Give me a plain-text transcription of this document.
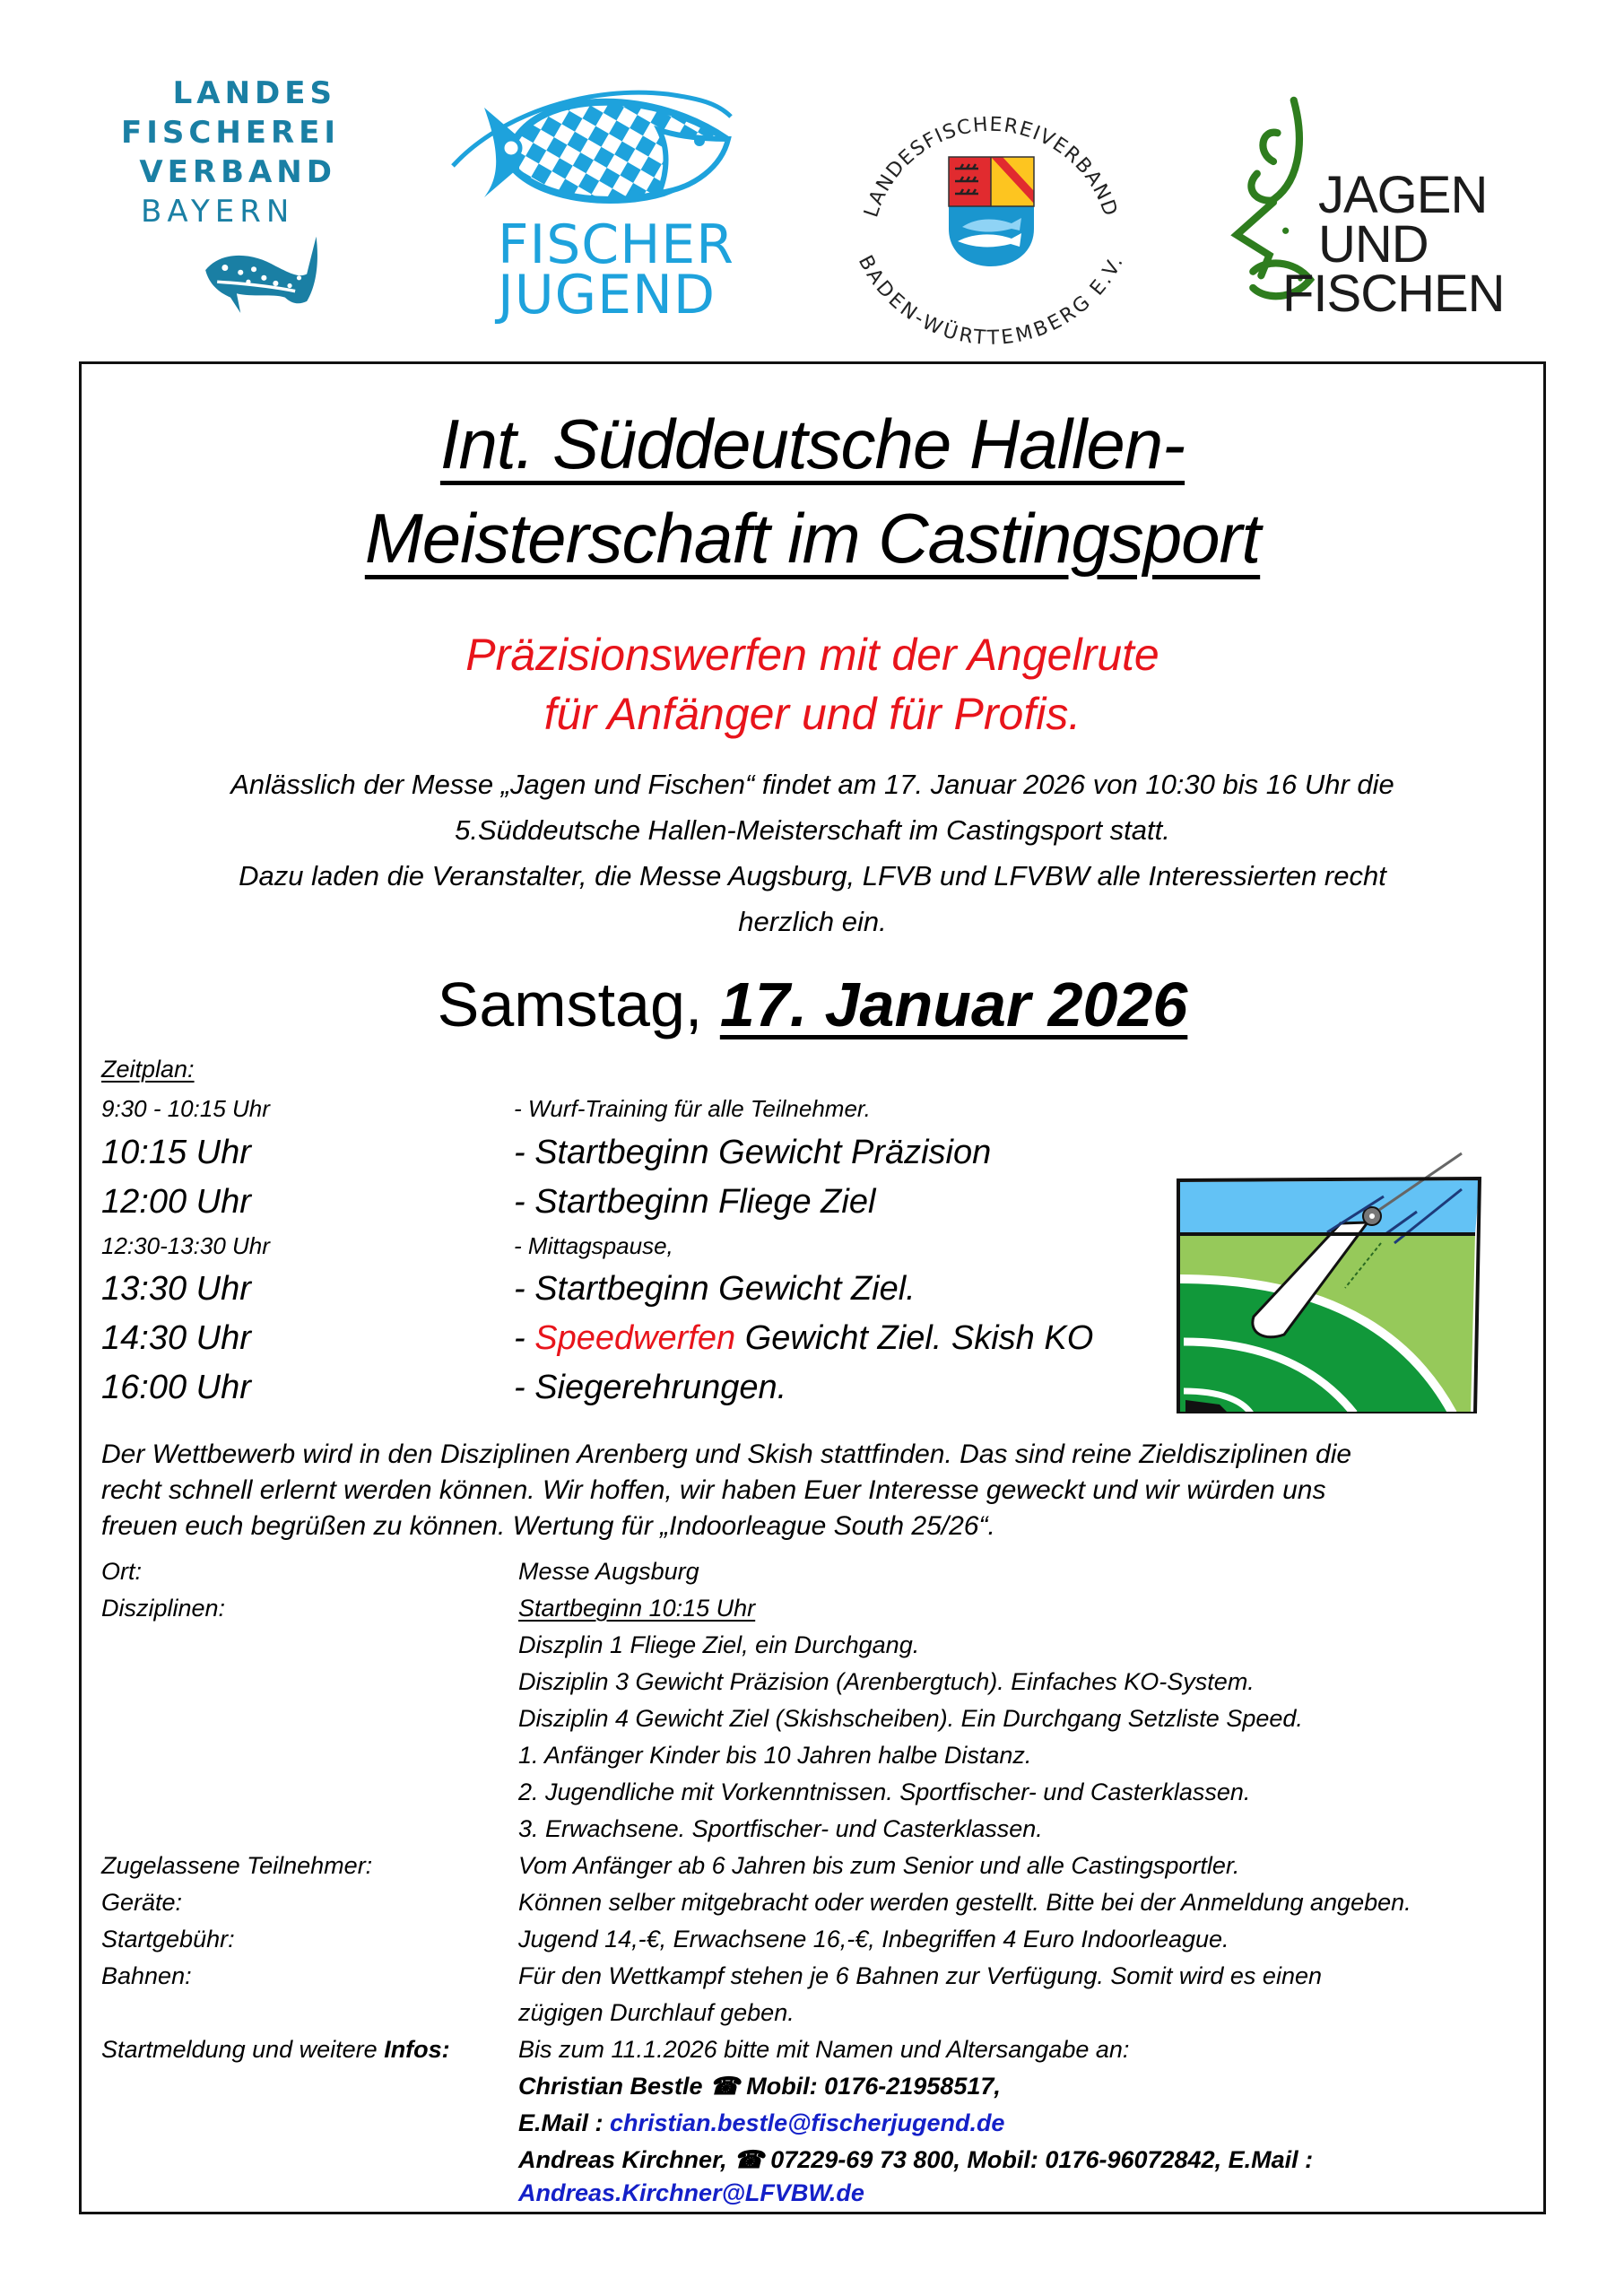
LANDES
FISCHEREI
VERBAND
BAYERN
FISCHER
JUGEND
LANDESFISCHEREIVERBAND
BADEN-WÜRTTEMBERG E.V.
JAGEN
UND
FISCHEN
Int. Süddeutsche Hallen-
Meisterschaft im Castingsport
Präzisionswerfen mit der Angelrute
für Anfänger und für Profis.
Anlässlich der Messe „Jagen und Fischen“ findet am 17. Januar 2026 von 10:30 bis 16 Uhr die
5.Süddeutsche Hallen-Meisterschaft im Castingsport statt.
Dazu laden die Veranstalter, die Messe Augsburg, LFVB und LFVBW alle Interessierten recht
herzlich ein.
Samstag, 17. Januar 2026
Zeitplan:
9:30 - 10:15 Uhr	- Wurf-Training für alle Teilnehmer.
10:15 Uhr	- Startbeginn Gewicht Präzision
12:00 Uhr	- Startbeginn Fliege Ziel
12:30-13:30 Uhr	- Mittagspause,
13:30 Uhr	- Startbeginn Gewicht Ziel.
14:30 Uhr	- Speedwerfen Gewicht Ziel. Skish KO
16:00 Uhr	- Siegerehrungen.
Der Wettbewerb wird in den Disziplinen Arenberg und Skish stattfinden. Das sind reine Zieldisziplinen die
recht schnell erlernt werden können. Wir hoffen, wir haben Euer Interesse geweckt und wir würden uns
freuen euch begrüßen zu können. Wertung für „Indoorleague South 25/26“.
Ort:	Messe Augsburg
Disziplinen:	Startbeginn 10:15 Uhr
Diszplin 1 Fliege Ziel, ein Durchgang.
Disziplin 3 Gewicht Präzision (Arenbergtuch). Einfaches KO-System.
Disziplin 4 Gewicht Ziel (Skishscheiben). Ein Durchgang Setzliste Speed.
1. Anfänger Kinder bis 10 Jahren halbe Distanz.
2. Jugendliche mit Vorkenntnissen. Sportfischer- und Casterklassen.
3. Erwachsene. Sportfischer- und Casterklassen.
Zugelassene Teilnehmer:	Vom Anfänger ab 6 Jahren bis zum Senior und alle Castingsportler.
Geräte:	Können selber mitgebracht oder werden gestellt. Bitte bei der Anmeldung angeben.
Startgebühr:	Jugend 14,-€, Erwachsene 16,-€, Inbegriffen 4 Euro Indoorleague.
Bahnen:	Für den Wettkampf stehen je 6 Bahnen zur Verfügung. Somit wird es einen
zügigen Durchlauf geben.
Startmeldung und weitere Infos:	Bis zum 11.1.2026 bitte mit Namen und Altersangabe an:
Christian Bestle ☎ Mobil: 0176-21958517,
E.Mail : christian.bestle@fischerjugend.de
Andreas Kirchner, ☎ 07229-69 73 800, Mobil: 0176-96072842, E.Mail :
Andreas.Kirchner@LFVBW.de
